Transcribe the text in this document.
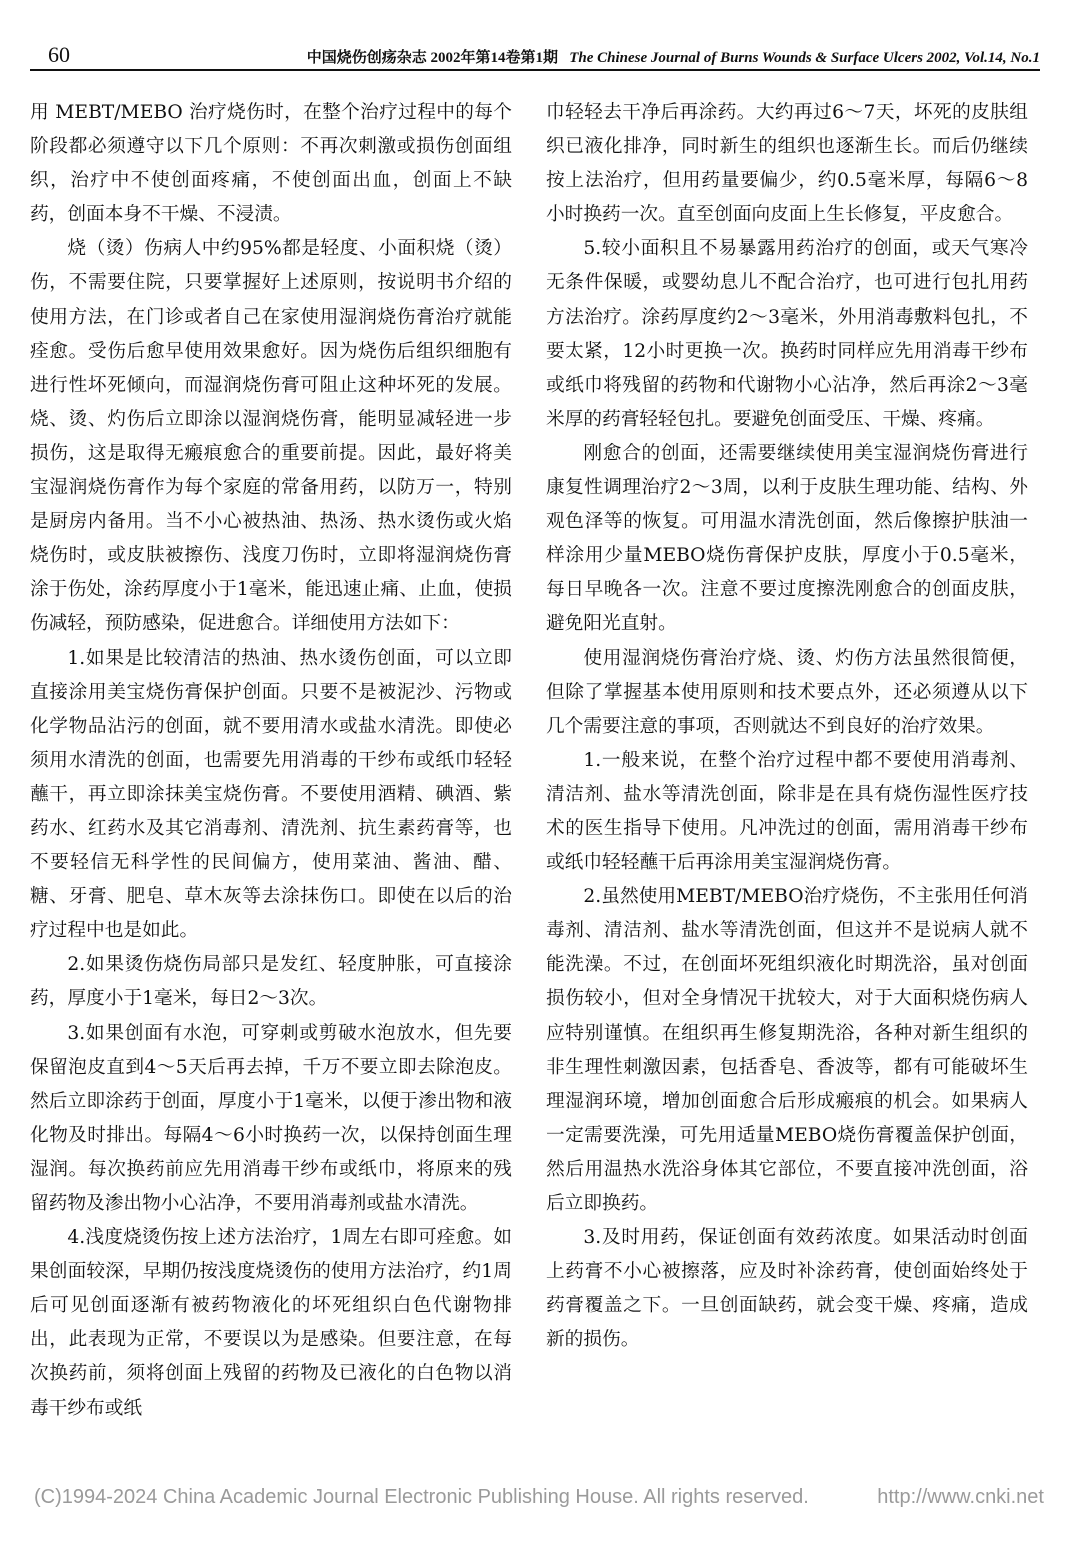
60	中国烧伤创疡杂志 2002年第14卷第1期 The Chinese Journal of Burns Wounds & Surface Ulcers 2002, Vol.14, No.1

用 MEBT/MEBO 治疗烧伤时，在整个治疗过程中的每个阶段都必须遵守以下几个原则：不再次刺激或损伤创面组织，治疗中不使创面疼痛，不使创面出血，创面上不缺药，创面本身不干燥、不浸渍。

烧（烫）伤病人中约95%都是轻度、小面积烧（烫）伤，不需要住院，只要掌握好上述原则，按说明书介绍的使用方法，在门诊或者自己在家使用湿润烧伤膏治疗就能痊愈。受伤后愈早使用效果愈好。因为烧伤后组织细胞有进行性坏死倾向，而湿润烧伤膏可阻止这种坏死的发展。烧、烫、灼伤后立即涂以湿润烧伤膏，能明显减轻进一步损伤，这是取得无瘢痕愈合的重要前提。因此，最好将美宝湿润烧伤膏作为每个家庭的常备用药，以防万一，特别是厨房内备用。当不小心被热油、热汤、热水烫伤或火焰烧伤时，或皮肤被擦伤、浅度刀伤时，立即将湿润烧伤膏涂于伤处，涂药厚度小于1毫米，能迅速止痛、止血，使损伤减轻，预防感染，促进愈合。详细使用方法如下：

1.如果是比较清洁的热油、热水烫伤创面，可以立即直接涂用美宝烧伤膏保护创面。只要不是被泥沙、污物或化学物品沾污的创面，就不要用清水或盐水清洗。即使必须用水清洗的创面，也需要先用消毒的干纱布或纸巾轻轻蘸干，再立即涂抹美宝烧伤膏。不要使用酒精、碘酒、紫药水、红药水及其它消毒剂、清洗剂、抗生素药膏等，也不要轻信无科学性的民间偏方，使用菜油、酱油、醋、糖、牙膏、肥皂、草木灰等去涂抹伤口。即使在以后的治疗过程中也是如此。

2.如果烫伤烧伤局部只是发红、轻度肿胀，可直接涂药，厚度小于1毫米，每日2～3次。

3.如果创面有水泡，可穿刺或剪破水泡放水，但先要保留泡皮直到4～5天后再去掉，千万不要立即去除泡皮。然后立即涂药于创面，厚度小于1毫米，以便于渗出物和液化物及时排出。每隔4～6小时换药一次，以保持创面生理湿润。每次换药前应先用消毒干纱布或纸巾，将原来的残留药物及渗出物小心沾净，不要用消毒剂或盐水清洗。

4.浅度烧烫伤按上述方法治疗，1周左右即可痊愈。如果创面较深，早期仍按浅度烧烫伤的使用方法治疗，约1周后可见创面逐渐有被药物液化的坏死组织白色代谢物排出，此表现为正常，不要误以为是感染。但要注意，在每次换药前，须将创面上残留的药物及已液化的白色物以消毒干纱布或纸

巾轻轻去干净后再涂药。大约再过6～7天，坏死的皮肤组织已液化排净，同时新生的组织也逐渐生长。而后仍继续按上法治疗，但用药量要偏少，约0.5毫米厚，每隔6～8小时换药一次。直至创面向皮面上生长修复，平皮愈合。

5.较小面积且不易暴露用药治疗的创面，或天气寒冷无条件保暖，或婴幼息儿不配合治疗，也可进行包扎用药方法治疗。涂药厚度约2～3毫米，外用消毒敷料包扎，不要太紧，12小时更换一次。换药时同样应先用消毒干纱布或纸巾将残留的药物和代谢物小心沾净，然后再涂2～3毫米厚的药膏轻轻包扎。要避免创面受压、干燥、疼痛。

刚愈合的创面，还需要继续使用美宝湿润烧伤膏进行康复性调理治疗2～3周，以利于皮肤生理功能、结构、外观色泽等的恢复。可用温水清洗创面，然后像擦护肤油一样涂用少量MEBO烧伤膏保护皮肤，厚度小于0.5毫米，每日早晚各一次。注意不要过度擦洗刚愈合的创面皮肤，避免阳光直射。

使用湿润烧伤膏治疗烧、烫、灼伤方法虽然很简便，但除了掌握基本使用原则和技术要点外，还必须遵从以下几个需要注意的事项，否则就达不到良好的治疗效果。

1.一般来说，在整个治疗过程中都不要使用消毒剂、清洁剂、盐水等清洗创面，除非是在具有烧伤湿性医疗技术的医生指导下使用。凡冲洗过的创面，需用消毒干纱布或纸巾轻轻蘸干后再涂用美宝湿润烧伤膏。

2.虽然使用MEBT/MEBO治疗烧伤，不主张用任何消毒剂、清洁剂、盐水等清洗创面，但这并不是说病人就不能洗澡。不过，在创面坏死组织液化时期洗浴，虽对创面损伤较小，但对全身情况干扰较大，对于大面积烧伤病人应特别谨慎。在组织再生修复期洗浴，各种对新生组织的非生理性刺激因素，包括香皂、香波等，都有可能破坏生理湿润环境，增加创面愈合后形成瘢痕的机会。如果病人一定需要洗澡，可先用适量MEBO烧伤膏覆盖保护创面，然后用温热水洗浴身体其它部位，不要直接冲洗创面，浴后立即换药。

3.及时用药，保证创面有效药浓度。如果活动时创面上药膏不小心被擦落，应及时补涂药膏，使创面始终处于药膏覆盖之下。一旦创面缺药，就会变干燥、疼痛，造成新的损伤。

(C)1994-2024 China Academic Journal Electronic Publishing House. All rights reserved.	http://www.cnki.net
